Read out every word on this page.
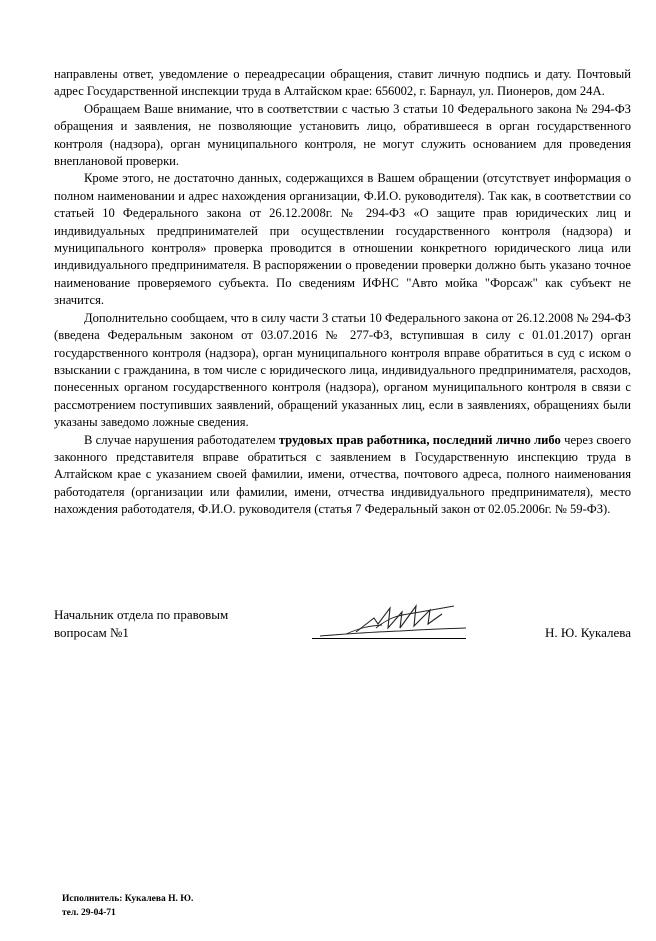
направлены ответ, уведомление о переадресации обращения, ставит личную подпись и дату. Почтовый адрес Государственной инспекции труда в Алтайском крае: 656002, г. Барнаул, ул. Пионеров, дом 24А.

Обращаем Ваше внимание, что в соответствии с частью 3 статьи 10 Федерального закона № 294-ФЗ обращения и заявления, не позволяющие установить лицо, обратившееся в орган государственного контроля (надзора), орган муниципального контроля, не могут служить основанием для проведения внеплановой проверки.

Кроме этого, не достаточно данных, содержащихся в Вашем обращении (отсутствует информация о полном наименовании и адрес нахождения организации, Ф.И.О. руководителя). Так как, в соответствии со статьей 10 Федерального закона от 26.12.2008г. № 294-ФЗ «О защите прав юридических лиц и индивидуальных предпринимателей при осуществлении государственного контроля (надзора) и муниципального контроля» проверка проводится в отношении конкретного юридического лица или индивидуального предпринимателя. В распоряжении о проведении проверки должно быть указано точное наименование проверяемого субъекта. По сведениям ИФНС "Авто мойка "Форсаж" как субъект не значится.

Дополнительно сообщаем, что в силу части 3 статьи 10 Федерального закона от 26.12.2008 № 294-ФЗ (введена Федеральным законом от 03.07.2016 № 277-ФЗ, вступившая в силу с 01.01.2017) орган государственного контроля (надзора), орган муниципального контроля вправе обратиться в суд с иском о взыскании с гражданина, в том числе с юридического лица, индивидуального предпринимателя, расходов, понесенных органом государственного контроля (надзора), органом муниципального контроля в связи с рассмотрением поступивших заявлений, обращений указанных лиц, если в заявлениях, обращениях были указаны заведомо ложные сведения.

В случае нарушения работодателем трудовых прав работника, последний лично либо через своего законного представителя вправе обратиться с заявлением в Государственную инспекцию труда в Алтайском крае с указанием своей фамилии, имени, отчества, почтового адреса, полного наименования работодателя (организации или фамилии, имени, отчества индивидуального предпринимателя), место нахождения работодателя, Ф.И.О. руководителя (статья 7 Федеральный закон от 02.05.2006г. № 59-ФЗ).

Начальник отдела по правовым
вопросам №1	Н. Ю. Кукалева
Исполнитель: Кукалева Н. Ю.
тел. 29-04-71
